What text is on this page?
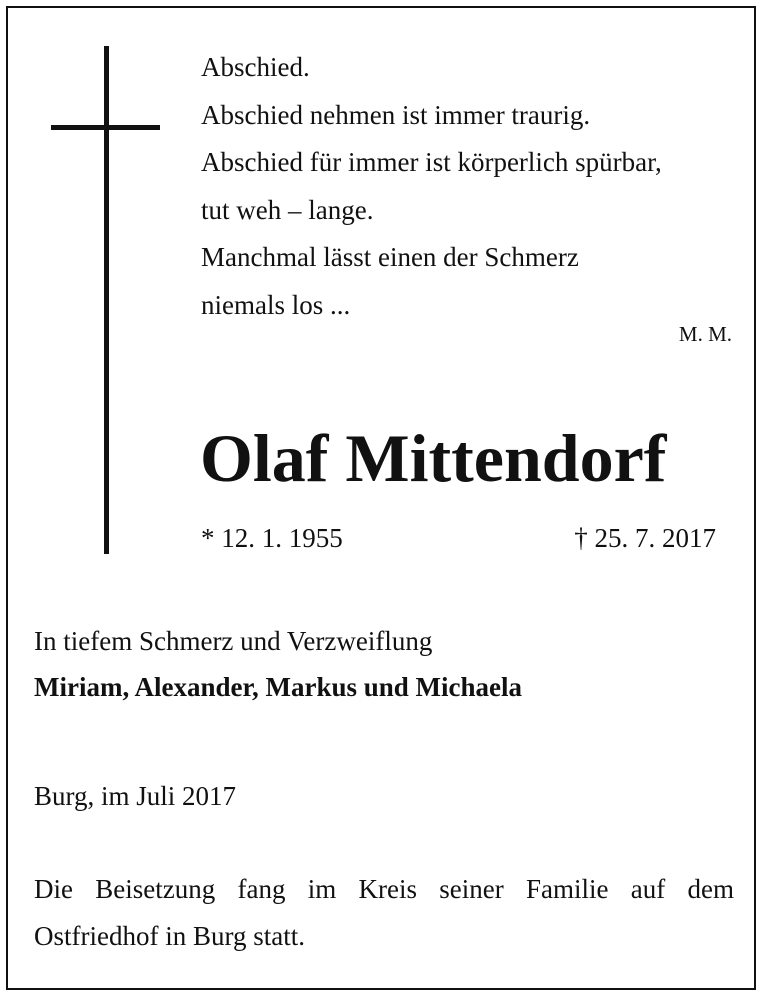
Abschied.
Abschied nehmen ist immer traurig.
Abschied für immer ist körperlich spürbar,
tut weh – lange.
Manchmal lässt einen der Schmerz
niemals los ...
M. M.
Olaf Mittendorf
* 12. 1. 1955	† 25. 7. 2017
In tiefem Schmerz und Verzweiflung
Miriam, Alexander, Markus und Michaela
Burg, im Juli 2017
Die Beisetzung fang im Kreis seiner Familie auf dem
Ostfriedhof in Burg statt.
